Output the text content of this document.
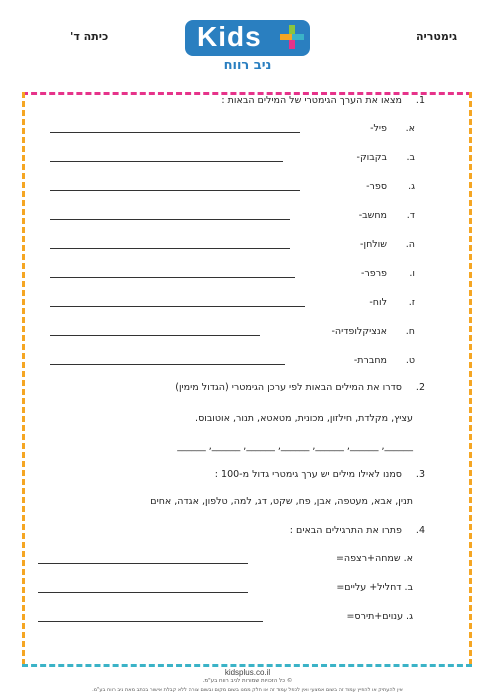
גימטריה
כיתה ד'	Kids
ניב רווח
1. מצאו את הערך הגימטרי של המילים הבאות :
א.
פיל-
ב.
בקבוק-
ג.
ספר-
ד.
מחשב-
ה.
שולחן-
ו.
פרפר-
ז.
לוח-
ח.
אנציקלופדיה-
ט.
מחברת-
2. סדרו את המילים הבאות לפי ערכן הגימטרי (הגדול מימין)
עציץ, מקלדת, חילזון, מכונית, מטאטא, תנור, אוטובוס.
______, ______, ______, ______, ______, ______, ______
3. סמנו לאילו מילים יש ערך גימטרי גדול מ-100 :
תנין, אבא, מעטפה, אבן, פח, שקט, דג, למה, טלפון, אגדה, אחים
4. פתרו את התרגילים הבאים :
א. שמחה+רצפה=
ב. דחליל+ עליים=
ג. ענוים+תירס=
kidsplus.co.il
© כל הזכויות שמורות לניב רווח בע"מ.
אין להעתיק או להפיץ עמוד זה בשום אמצעי ואין לכפל עמוד זה או חלק ממנו בשום מקום ובשום צורה ללא קבלת אישור בכתב מאת ניב רווח בע"מ.
